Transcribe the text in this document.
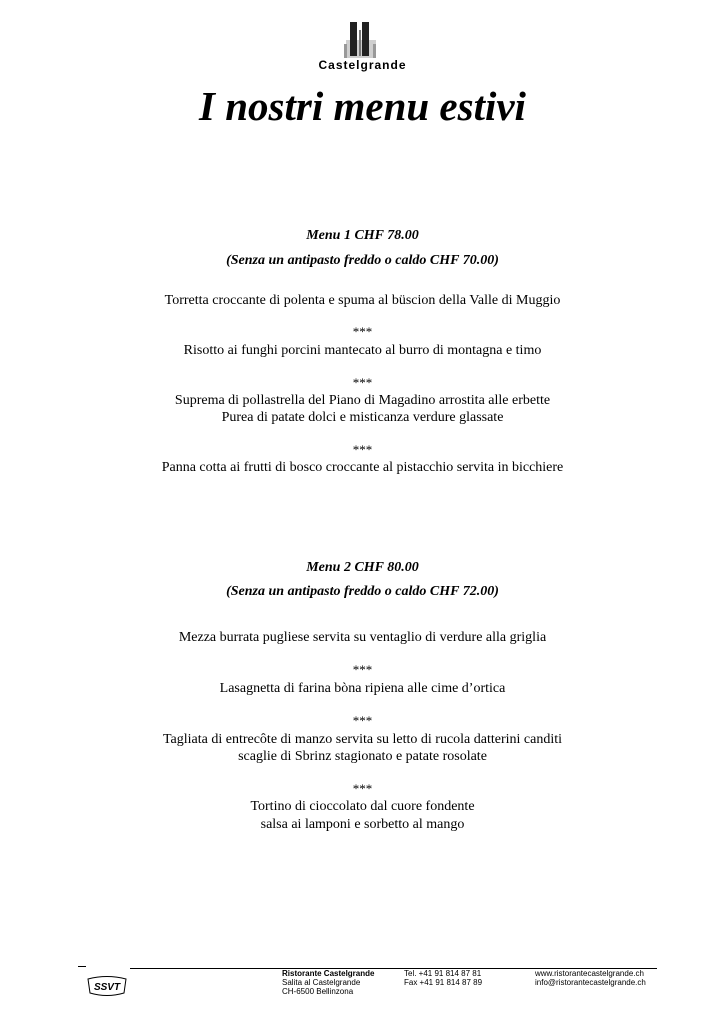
Castelgrande
I nostri menu estivi
Menu 1 CHF 78.00
(Senza un antipasto freddo o caldo CHF 70.00)
Torretta croccante di polenta e spuma al büscion della Valle di Muggio
***
Risotto ai funghi porcini mantecato al burro di montagna e timo
***
Suprema di pollastrella del Piano di Magadino arrostita alle erbette
Purea di patate dolci e misticanza verdure glassate
***
Panna cotta ai frutti di bosco croccante al pistacchio servita in bicchiere
Menu 2 CHF 80.00
(Senza un antipasto freddo o caldo CHF 72.00)
Mezza burrata pugliese servita su ventaglio di verdure alla griglia
***
Lasagnetta di farina bòna ripiena alle cime d’ortica
***
Tagliata di entrecôte di manzo servita su letto di rucola datterini canditi
scaglie di Sbrinz stagionato e patate rosolate
***
Tortino di cioccolato dal cuore fondente
salsa ai lamponi e sorbetto al mango
SSVT
Ristorante Castelgrande
Salita al Castelgrande
CH-6500 Bellinzona
Tel. +41 91 814 87 81
Fax +41 91 814 87 89
www.ristorantecastelgrande.ch
info@ristorantecastelgrande.ch
